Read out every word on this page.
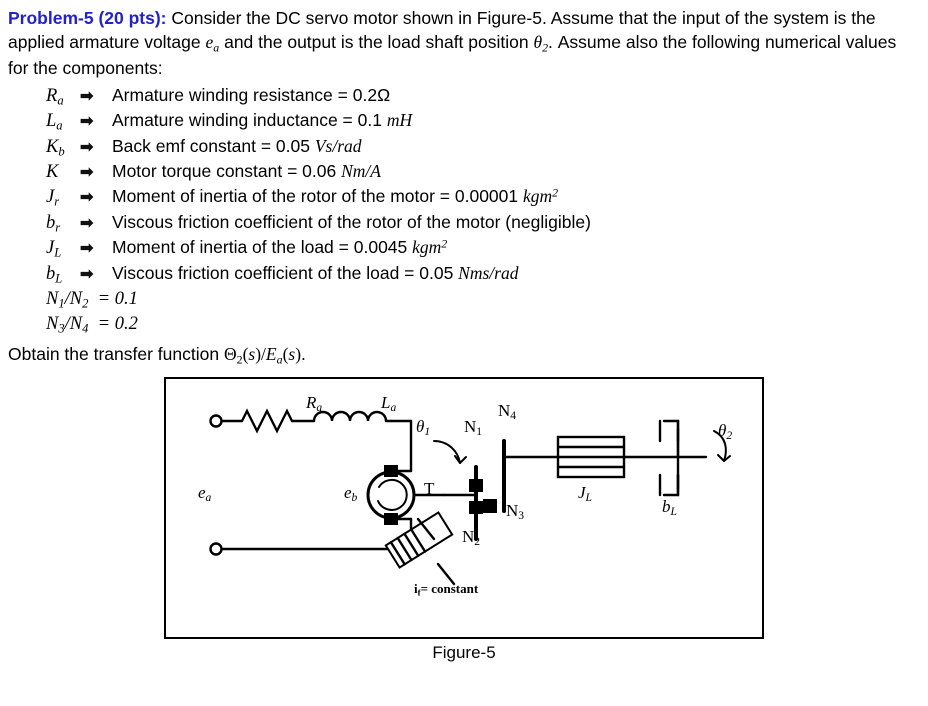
Problem-5 (20 pts): Consider the DC servo motor shown in Figure-5. Assume that the input of the system is the applied armature voltage $e_a$ and the output is the load shaft position $\theta_2$. Assume also the following numerical values for the components:
$R_a$	➡	Armature winding resistance = 0.2Ω
$L_a$	➡	Armature winding inductance = 0.1 mH
$K_b$ ➡	Back emf constant = 0.05 Vs/rad
K	➡	Motor torque constant = 0.06 Nm/A
$J_r$	➡	Moment of inertia of the rotor of the motor = 0.00001 kgm$^2$
$b_r$	➡	Viscous friction coefficient of the rotor of the motor (negligible)
$J_L$	➡	Moment of inertia of the load = 0.0045 kgm$^2$
$b_L$	➡	Viscous friction coefficient of the load = 0.05 Nms/rad
$N_1/N_2 = 0.1$
$N_3/N_4 = 0.2$
Obtain the transfer function $\Theta_2(s)/E_a(s)$.
$R_a$	$L_a$
$e_a$	$e_b$	T
$\theta_1$	$\theta_2$
$N_1$
$N_2$
$N_3$
$N_4$
$J_L$	$b_L$
$i_f=$ constant
Figure-5
